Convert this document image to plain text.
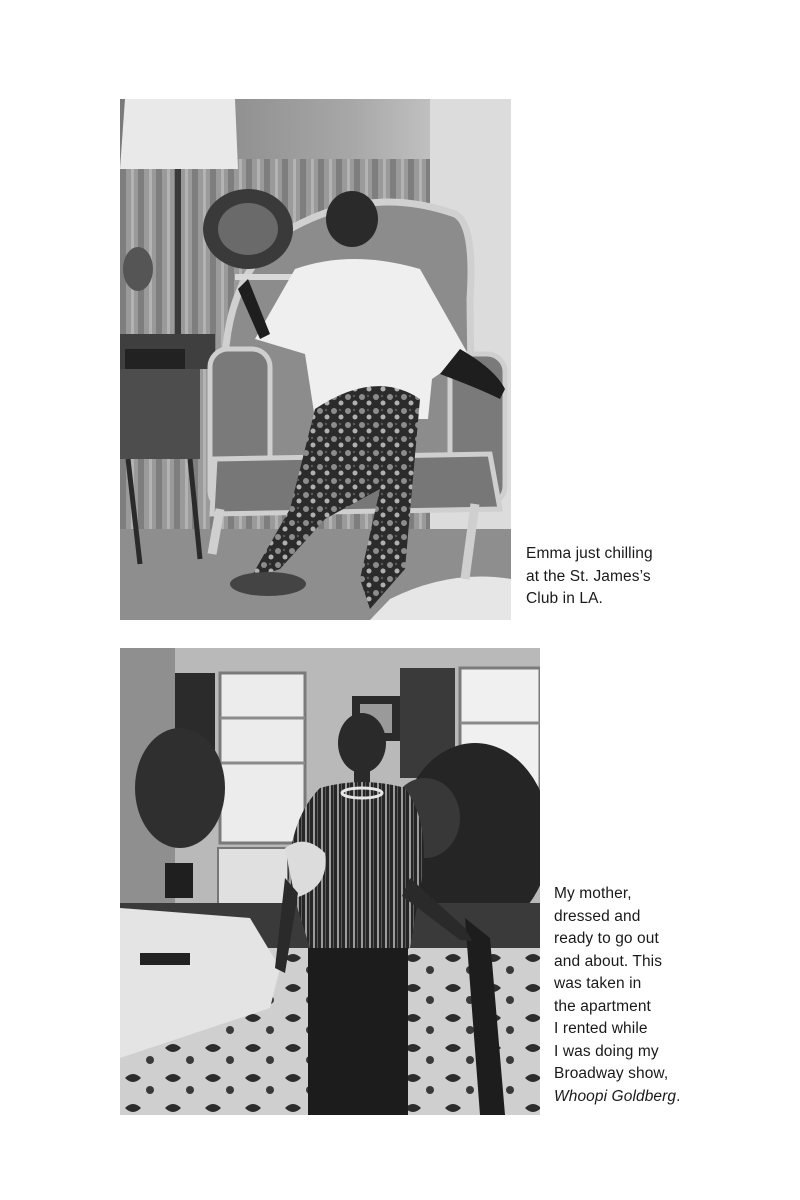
Emma just chilling
at the St. James’s
Club in LA.

My mother,
dressed and
ready to go out
and about. This
was taken in
the apartment
I rented while
I was doing my
Broadway show,
Whoopi Goldberg.
